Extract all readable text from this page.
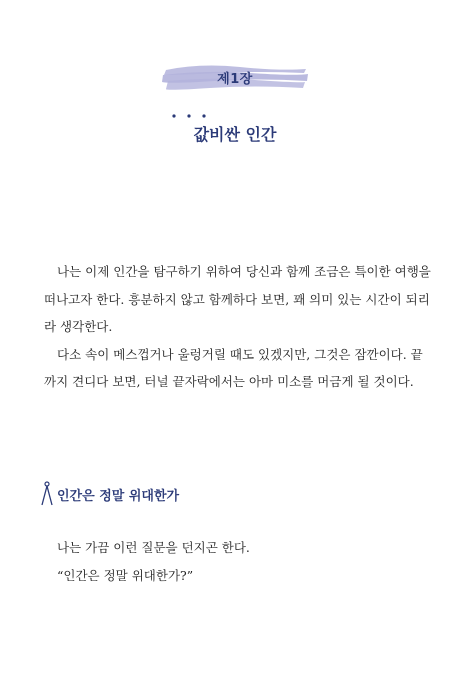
제1장
값비싼 인간

나는 이제 인간을 탐구하기 위하여 당신과 함께 조금은 특이한 여행을 떠나고자 한다. 흥분하지 않고 함께하다 보면, 꽤 의미 있는 시간이 되리라 생각한다.

다소 속이 메스껍거나 울렁거릴 때도 있겠지만, 그것은 잠깐이다. 끝까지 견디다 보면, 터널 끝자락에서는 아마 미소를 머금게 될 것이다.

인간은 정말 위대한가

나는 가끔 이런 질문을 던지곤 한다.

“인간은 정말 위대한가?”
